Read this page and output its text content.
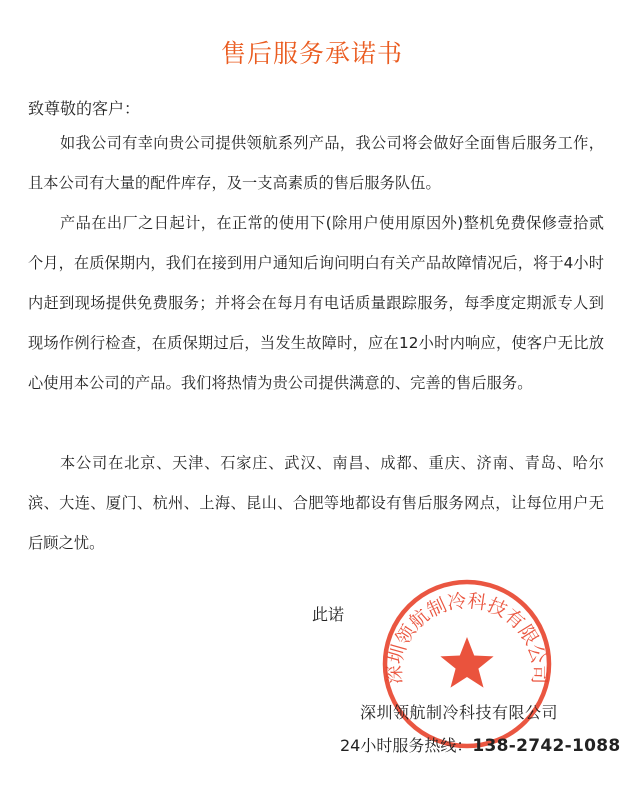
售后服务承诺书
致尊敬的客户：
如我公司有幸向贵公司提供领航系列产品，我公司将会做好全面售后服务工作，且本公司有大量的配件库存，及一支高素质的售后服务队伍。
产品在出厂之日起计，在正常的使用下(除用户使用原因外)整机免费保修壹拾贰个月，在质保期内，我们在接到用户通知后询问明白有关产品故障情况后，将于4小时内赶到现场提供免费服务；并将会在每月有电话质量跟踪服务，每季度定期派专人到现场作例行检查，在质保期过后，当发生故障时，应在12小时内响应，使客户无比放心使用本公司的产品。我们将热情为贵公司提供满意的、完善的售后服务。
本公司在北京、天津、石家庄、武汉、南昌、成都、重庆、济南、青岛、哈尔滨、大连、厦门、杭州、上海、昆山、合肥等地都设有售后服务网点，让每位用户无后顾之忧。
此诺
深圳领航制冷科技有限公司
深圳领航制冷科技有限公司
24小时服务热线：138-2742-1088
